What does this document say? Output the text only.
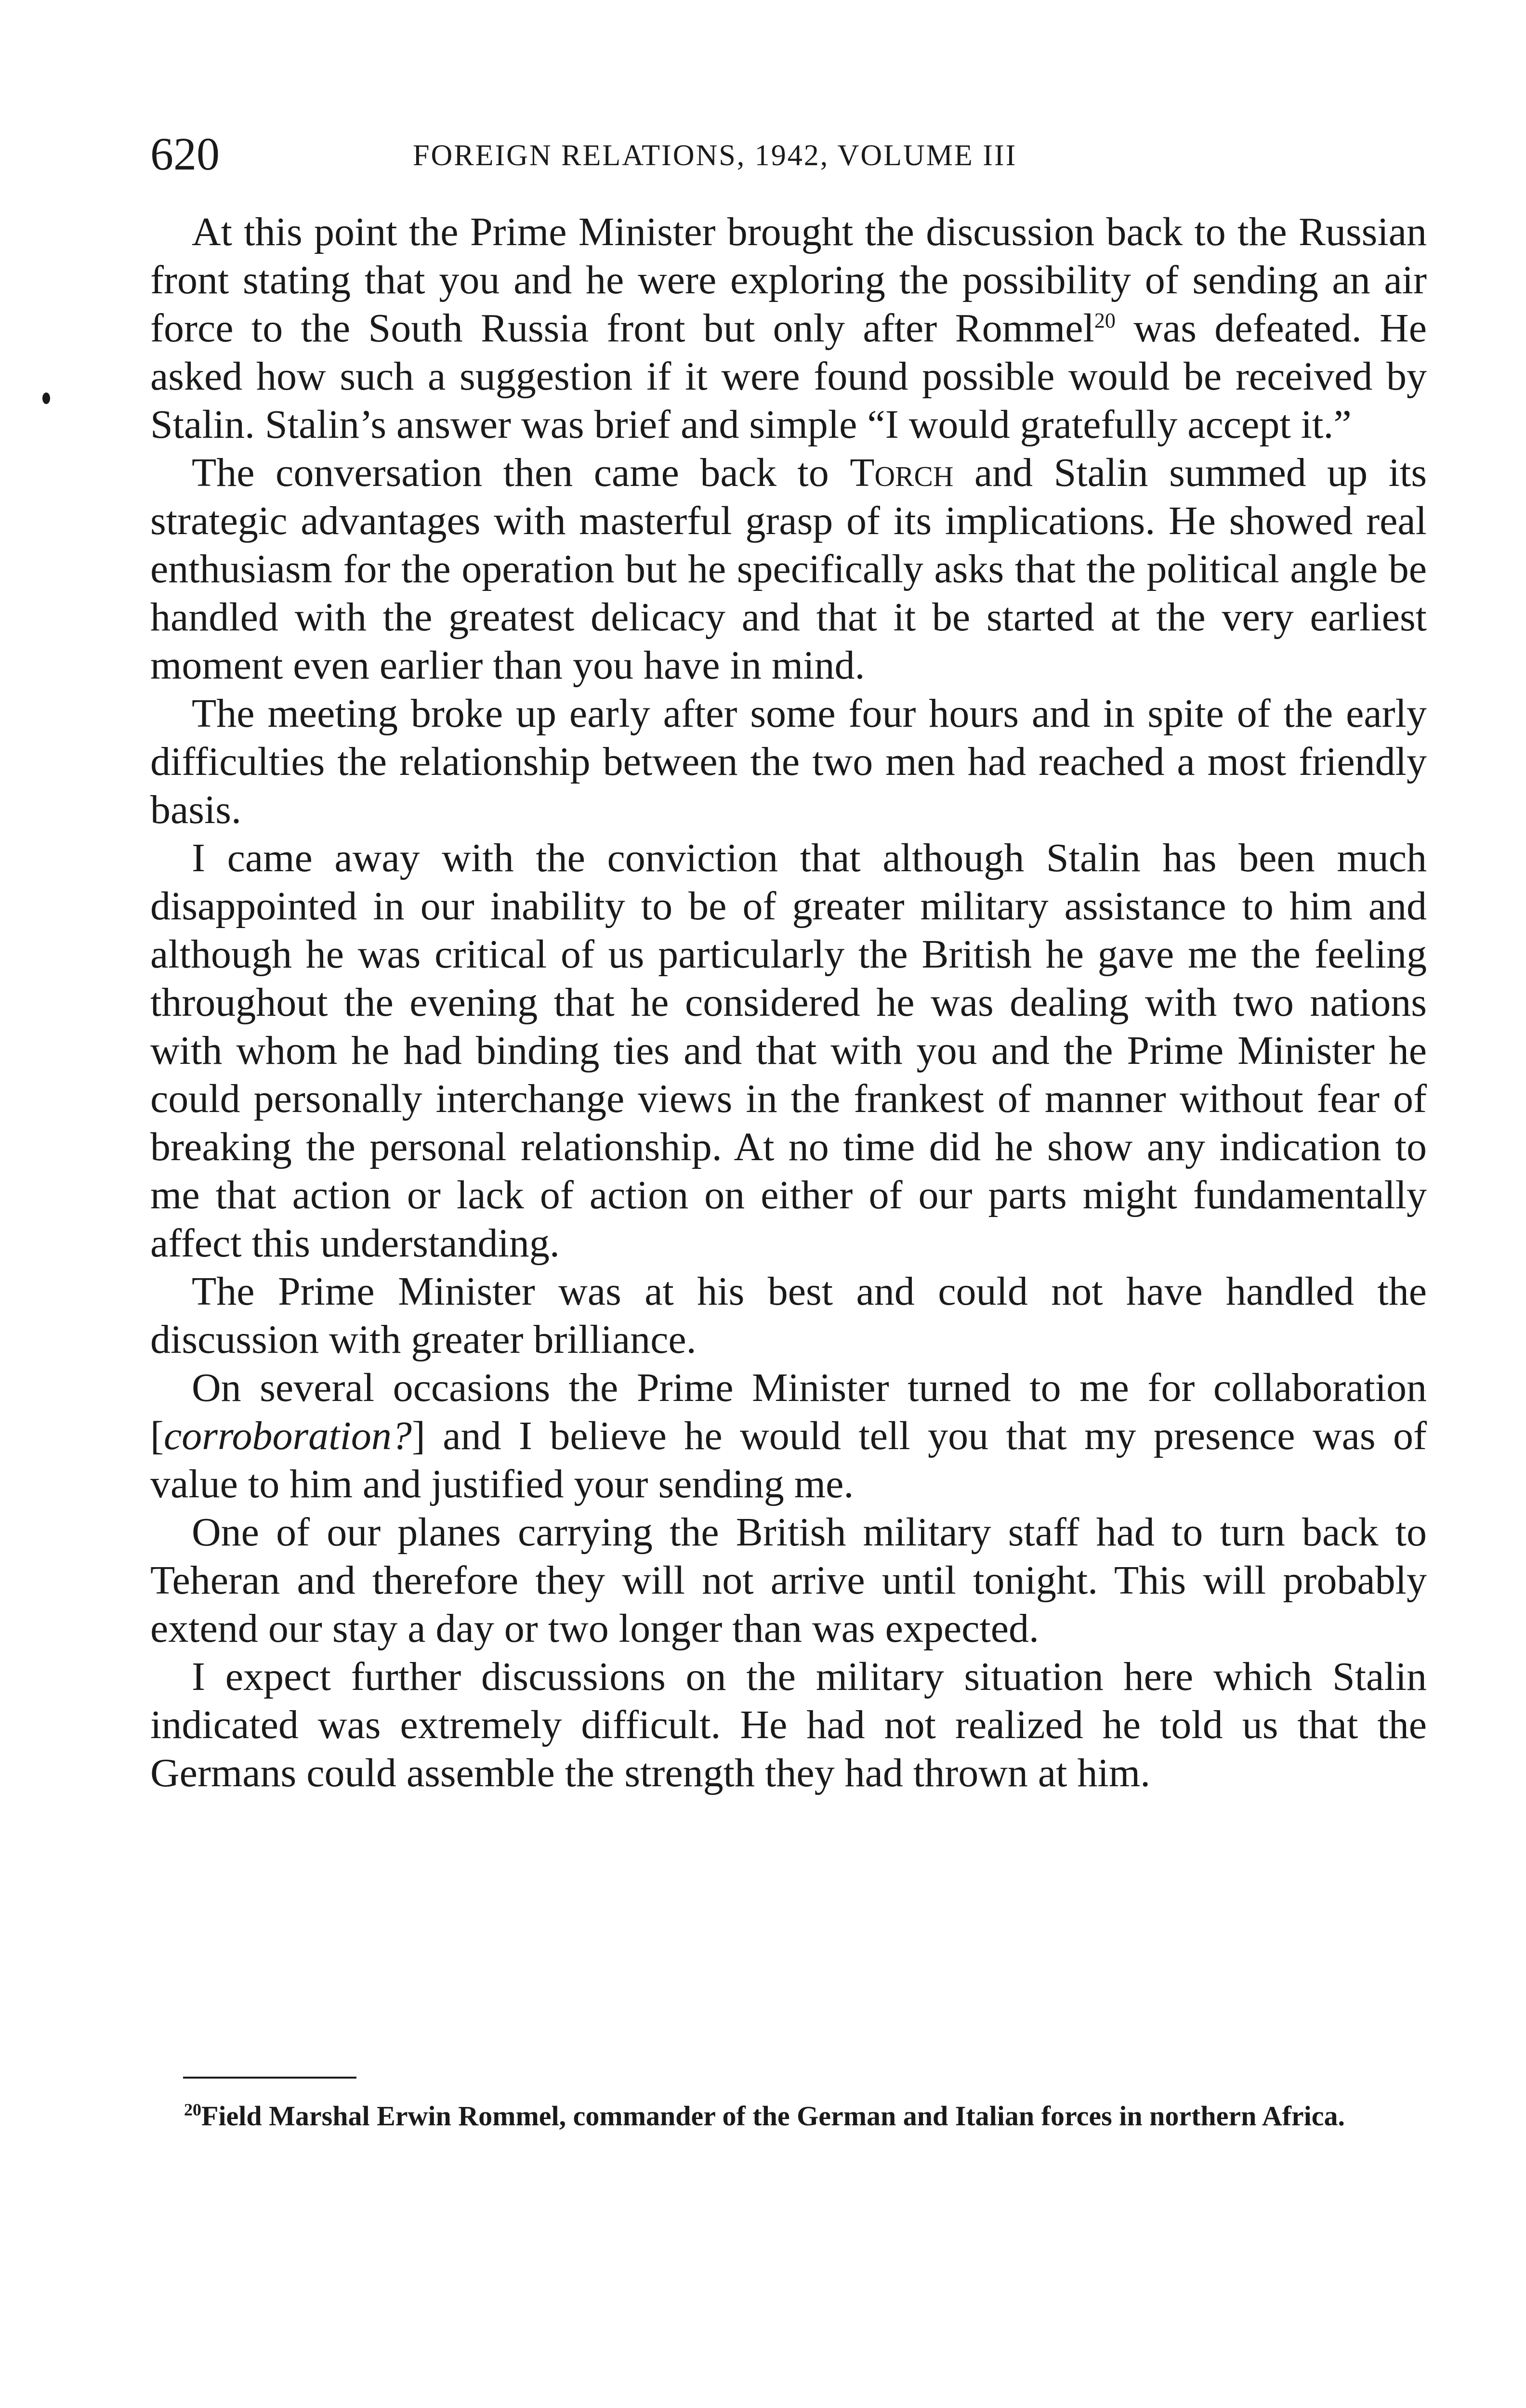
620	FOREIGN RELATIONS, 1942, VOLUME III

At this point the Prime Minister brought the discussion back to the Russian front stating that you and he were exploring the possibility of sending an air force to the South Russia front but only after Rommel$^{20}$ was defeated. He asked how such a suggestion if it were found possible would be received by Stalin. Stalin’s answer was brief and simple “I would gratefully accept it.”

The conversation then came back to Torch and Stalin summed up its strategic advantages with masterful grasp of its implications. He showed real enthusiasm for the operation but he specifically asks that the political angle be handled with the greatest delicacy and that it be started at the very earliest moment even earlier than you have in mind.

The meeting broke up early after some four hours and in spite of the early difficulties the relationship between the two men had reached a most friendly basis.

I came away with the conviction that although Stalin has been much disappointed in our inability to be of greater military assistance to him and although he was critical of us particularly the British he gave me the feeling throughout the evening that he considered he was dealing with two nations with whom he had binding ties and that with you and the Prime Minister he could personally interchange views in the frankest of manner without fear of breaking the personal relationship. At no time did he show any indication to me that action or lack of action on either of our parts might fundamentally affect this understanding.

The Prime Minister was at his best and could not have handled the discussion with greater brilliance.

On several occasions the Prime Minister turned to me for collaboration [corroboration?] and I believe he would tell you that my presence was of value to him and justified your sending me.

One of our planes carrying the British military staff had to turn back to Teheran and therefore they will not arrive until tonight. This will probably extend our stay a day or two longer than was expected.

I expect further discussions on the military situation here which Stalin indicated was extremely difficult. He had not realized he told us that the Germans could assemble the strength they had thrown at him.

$^{20}$Field Marshal Erwin Rommel, commander of the German and Italian forces in northern Africa.
